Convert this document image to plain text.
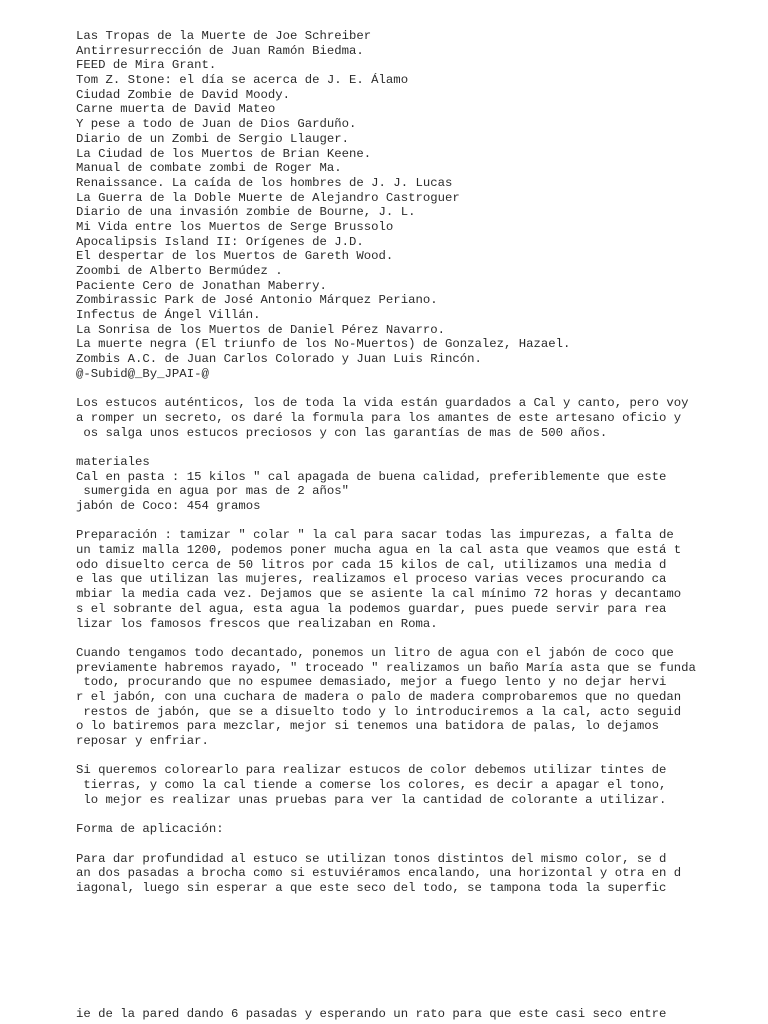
Las Tropas de la Muerte de Joe Schreiber
Antirresurrección de Juan Ramón Biedma.
FEED de Mira Grant.
Tom Z. Stone: el día se acerca de J. E. Álamo
Ciudad Zombie de David Moody.
Carne muerta de David Mateo
Y pese a todo de Juan de Dios Garduño.
Diario de un Zombi de Sergio Llauger.
La Ciudad de los Muertos de Brian Keene.
Manual de combate zombi de Roger Ma.
Renaissance. La caída de los hombres de J. J. Lucas
La Guerra de la Doble Muerte de Alejandro Castroguer
Diario de una invasión zombie de Bourne, J. L.
Mi Vida entre los Muertos de Serge Brussolo
Apocalipsis Island II: Orígenes de J.D.
El despertar de los Muertos de Gareth Wood.
Zoombi de Alberto Bermúdez .
Paciente Cero de Jonathan Maberry.
Zombirassic Park de José Antonio Márquez Periano.
Infectus de Ángel Villán.
La Sonrisa de los Muertos de Daniel Pérez Navarro.
La muerte negra (El triunfo de los No-Muertos) de Gonzalez, Hazael.
Zombis A.C. de Juan Carlos Colorado y Juan Luis Rincón.
@-Subid@_By_JPAI-@
Los estucos auténticos, los de toda la vida están guardados a Cal y canto, pero voy
a romper un secreto, os daré la formula para los amantes de este artesano oficio y
os salga unos estucos preciosos y con las garantías de mas de 500 años.
materiales
Cal en pasta : 15 kilos " cal apagada de buena calidad, preferiblemente que este
sumergida en agua por mas de 2 años"
jabón de Coco: 454 gramos
Preparación : tamizar " colar " la cal para sacar todas las impurezas, a falta de
un tamiz malla 1200, podemos poner mucha agua en la cal asta que veamos que está t
odo disuelto cerca de 50 litros por cada 15 kilos de cal, utilizamos una media d
e las que utilizan las mujeres, realizamos el proceso varias veces procurando ca
mbiar la media cada vez. Dejamos que se asiente la cal mínimo 72 horas y decantamo
s el sobrante del agua, esta agua la podemos guardar, pues puede servir para rea
lizar los famosos frescos que realizaban en Roma.
Cuando tengamos todo decantado, ponemos un litro de agua con el jabón de coco que
previamente habremos rayado, " troceado " realizamos un baño María asta que se funda
todo, procurando que no espumee demasiado, mejor a fuego lento y no dejar hervi
r el jabón, con una cuchara de madera o palo de madera comprobaremos que no quedan
restos de jabón, que se a disuelto todo y lo introduciremos a la cal, acto seguid
o lo batiremos para mezclar, mejor si tenemos una batidora de palas, lo dejamos
reposar y enfriar.
Si queremos colorearlo para realizar estucos de color debemos utilizar tintes de
tierras, y como la cal tiende a comerse los colores, es decir a apagar el tono,
lo mejor es realizar unas pruebas para ver la cantidad de colorante a utilizar.
Forma de aplicación:
Para dar profundidad al estuco se utilizan tonos distintos del mismo color, se d
an dos pasadas a brocha como si estuviéramos encalando, una horizontal y otra en d
iagonal, luego sin esperar a que este seco del todo, se tampona toda la superfic
ie de la pared dando 6 pasadas y esperando un rato para que este casi seco entre
